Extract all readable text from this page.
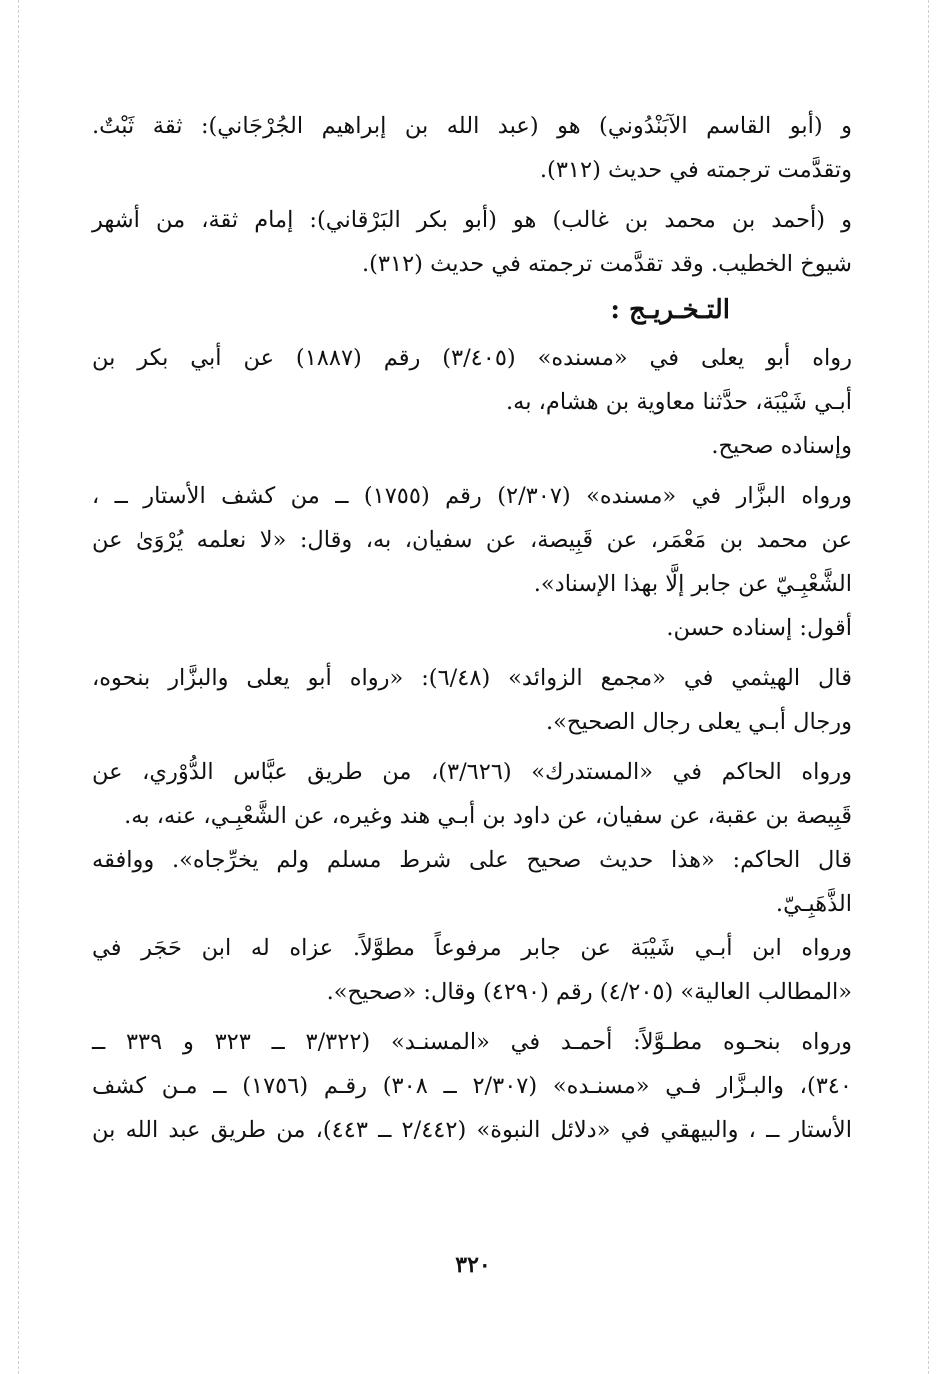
و (أبو القاسم الآبَنْدُوني) هو (عبد الله بن إبراهيم الجُرْجَاني): ثقة ثَبْتٌ.
وتقدَّمت ترجمته في حديث (٣١٢).
و (أحمد بن محمد بن غالب) هو (أبو بكر البَرْقاني): إمام ثقة، من أشهر
شيوخ الخطيب. وقد تقدَّمت ترجمته في حديث (٣١٢).
التـخـريـج :
رواه أبو يعلى في «مسنده» (٣/٤٠٥) رقم (١٨٨٧) عن أبي بكر بن
أبـي شَيْبَة، حدَّثنا معاوية بن هشام، به.
وإسناده صحيح.
ورواه البزَّار في «مسنده» (٢/٣٠٧) رقم (١٧٥٥) ــ من كشف الأستار ــ ،
عن محمد بن مَعْمَر، عن قَبِيصة، عن سفيان، به، وقال: «لا نعلمه يُرْوَىٰ عن
الشَّعْبِـيّ عن جابر إلَّا بهذا الإسناد».
أقول: إسناده حسن.
قال الهيثمي في «مجمع الزوائد» (٦/٤٨): «رواه أبو يعلى والبزَّار بنحوه،
ورجال أبـي يعلى رجال الصحيح».
ورواه الحاكم في «المستدرك» (٣/٦٢٦)، من طريق عبَّاس الدُّوْري، عن
قَبِيصة بن عقبة، عن سفيان، عن داود بن أبـي هند وغيره، عن الشَّعْبِـي، عنه، به.
قال الحاكم: «هذا حديث صحيح على شرط مسلم ولم يخرِّجاه». ووافقه
الذَّهَبِـيّ.
ورواه ابن أبـي شَيْبَة عن جابر مرفوعاً مطوَّلاً. عزاه له ابن حَجَر في
«المطالب العالية» (٤/٢٠٥) رقم (٤٢٩٠) وقال: «صحيح».
ورواه بنحـوه مطـوَّلاً: أحمـد في «المسنـد» (٣/٣٢٢ ــ ٣٢٣ و ٣٣٩ ــ
٣٤٠)، والبـزَّار فـي «مسنـده» (٢/٣٠٧ ــ ٣٠٨) رقـم (١٧٥٦) ــ مـن كشف
الأستار ــ ، والبيهقي في «دلائل النبوة» (٢/٤٤٢ ــ ٤٤٣)، من طريق عبد الله بن
٣٢٠
